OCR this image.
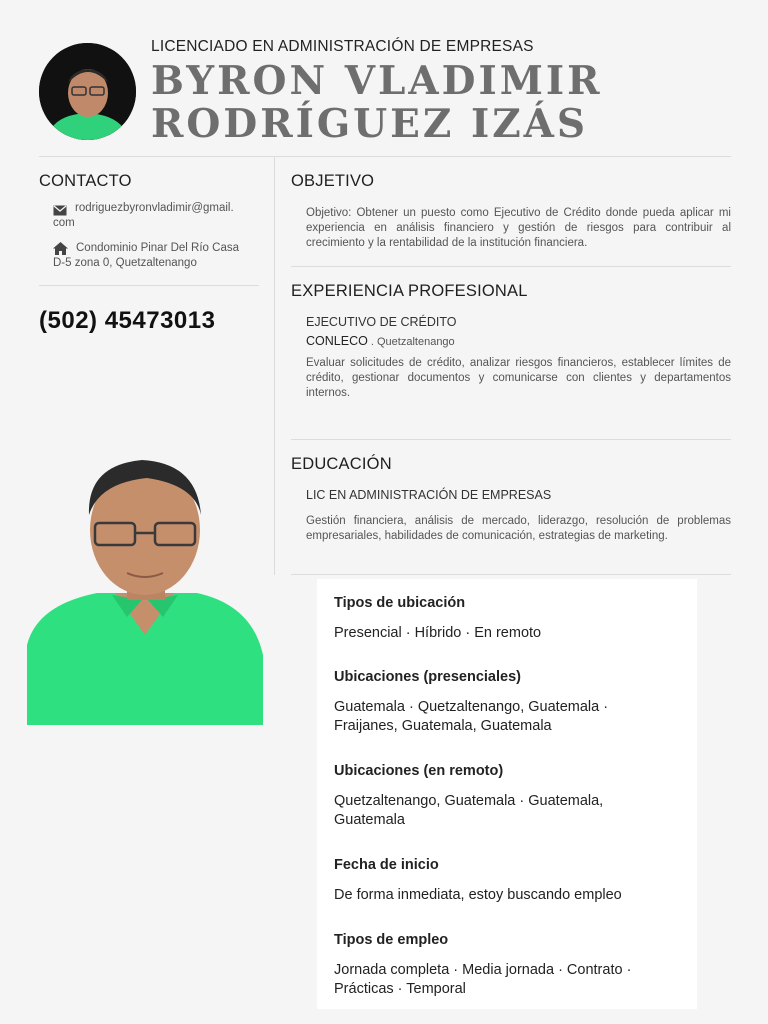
LICENCIADO EN ADMINISTRACIÓN DE EMPRESAS
BYRON VLADIMIR
RODRÍGUEZ IZÁS
CONTACTO
rodriguezbyronvladimir@gmail.
com
Condominio Pinar Del Río Casa
D-5 zona 0, Quetzaltenango
(502) 45473013
OBJETIVO
Objetivo: Obtener un puesto como Ejecutivo de Crédito donde pueda aplicar mi experiencia en análisis financiero y gestión de riesgos para contribuir al crecimiento y la rentabilidad de la institución financiera.
EXPERIENCIA PROFESIONAL
EJECUTIVO DE CRÉDITO
CONLECO . Quetzaltenango
Evaluar solicitudes de crédito, analizar riesgos financieros, establecer límites de crédito, gestionar documentos y comunicarse con clientes y departamentos internos.
EDUCACIÓN
LIC EN ADMINISTRACIÓN DE EMPRESAS
Gestión financiera, análisis de mercado, liderazgo, resolución de problemas empresariales, habilidades de comunicación, estrategias de marketing.
Tipos de ubicación
Presencial · Híbrido · En remoto
Ubicaciones (presenciales)
Guatemala · Quetzaltenango, Guatemala ·
Fraijanes, Guatemala, Guatemala
Ubicaciones (en remoto)
Quetzaltenango, Guatemala · Guatemala,
Guatemala
Fecha de inicio
De forma inmediata, estoy buscando empleo
Tipos de empleo
Jornada completa · Media jornada · Contrato ·
Prácticas · Temporal
